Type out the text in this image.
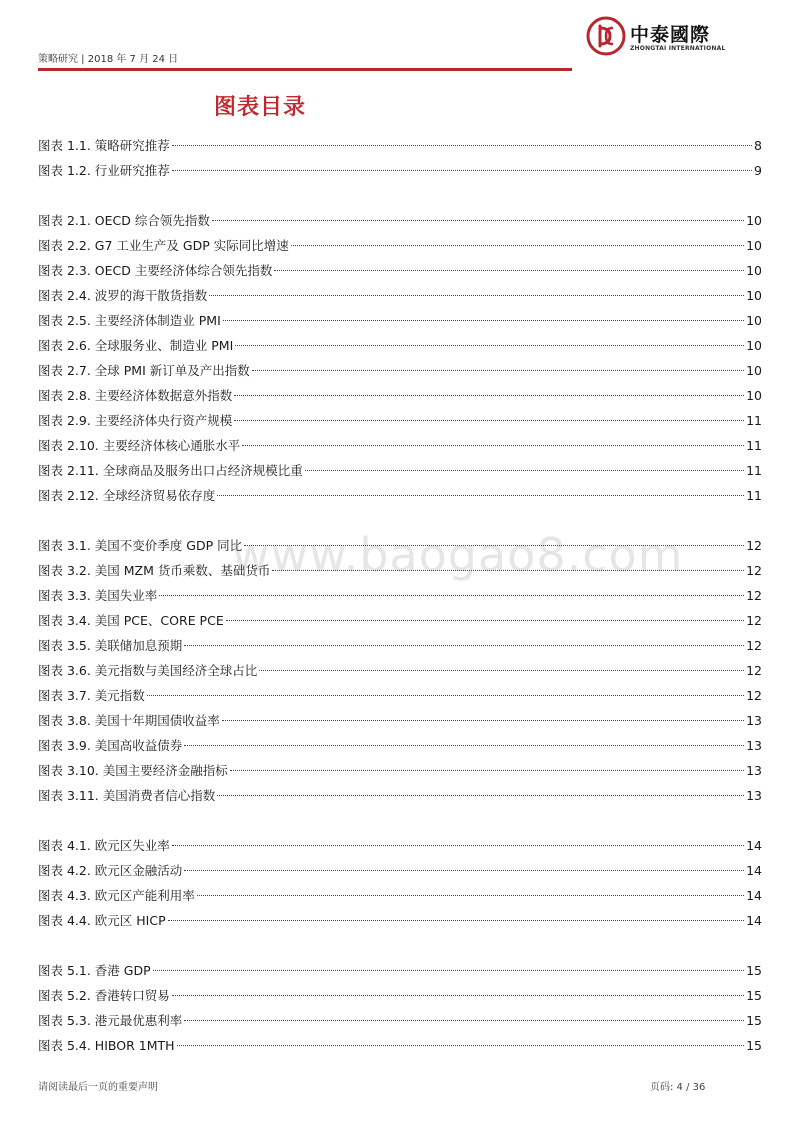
策略研究 | 2018 年 7 月 24 日
中泰國際
ZHONGTAI INTERNATIONAL
图表目录
www.baogao8.com
图表 1.1. 策略研究推荐	8
图表 1.2. 行业研究推荐	9
图表 2.1. OECD 综合领先指数	10
图表 2.2. G7 工业生产及 GDP 实际同比增速	10
图表 2.3. OECD 主要经济体综合领先指数	10
图表 2.4. 波罗的海干散货指数	10
图表 2.5. 主要经济体制造业 PMI	10
图表 2.6. 全球服务业、制造业 PMI	10
图表 2.7. 全球 PMI 新订单及产出指数	10
图表 2.8. 主要经济体数据意外指数	10
图表 2.9. 主要经济体央行资产规模	11
图表 2.10. 主要经济体核心通胀水平	11
图表 2.11. 全球商品及服务出口占经济规模比重	11
图表 2.12. 全球经济贸易依存度	11
图表 3.1. 美国不变价季度 GDP 同比	12
图表 3.2. 美国 MZM 货币乘数、基础货币	12
图表 3.3. 美国失业率	12
图表 3.4. 美国 PCE、CORE PCE	12
图表 3.5. 美联储加息预期	12
图表 3.6. 美元指数与美国经济全球占比	12
图表 3.7. 美元指数	12
图表 3.8. 美国十年期国债收益率	13
图表 3.9. 美国高收益债券	13
图表 3.10. 美国主要经济金融指标	13
图表 3.11. 美国消费者信心指数	13
图表 4.1. 欧元区失业率	14
图表 4.2. 欧元区金融活动	14
图表 4.3. 欧元区产能利用率	14
图表 4.4. 欧元区 HICP	14
图表 5.1. 香港 GDP	15
图表 5.2. 香港转口贸易	15
图表 5.3. 港元最优惠利率	15
图表 5.4. HIBOR 1MTH	15
请阅读最后一页的重要声明	页码: 4 / 36
